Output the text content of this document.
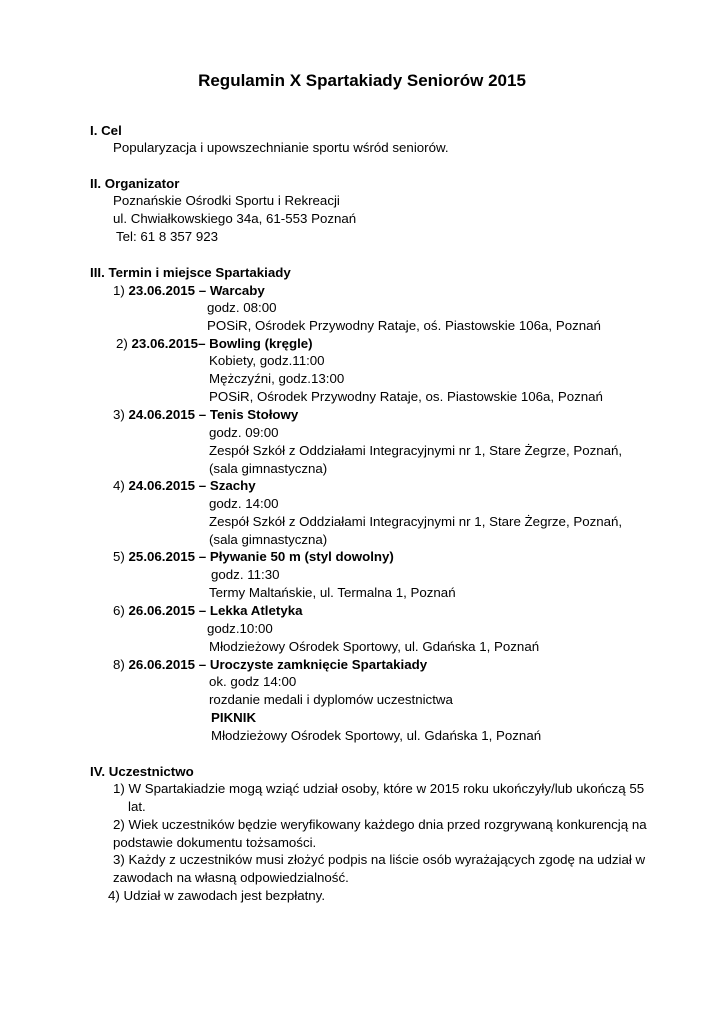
Regulamin X Spartakiady Seniorów 2015
I. Cel
Popularyzacja i upowszechnianie sportu wśród seniorów.
II. Organizator
Poznańskie Ośrodki Sportu i Rekreacji
ul. Chwiałkowskiego 34a, 61-553 Poznań
Tel: 61 8 357 923
III. Termin i miejsce Spartakiady
1) 23.06.2015 – Warcaby
godz. 08:00
POSiR, Ośrodek Przywodny Rataje, oś. Piastowskie 106a, Poznań
2) 23.06.2015– Bowling (kręgle)
Kobiety, godz.11:00
Mężczyźni, godz.13:00
POSiR, Ośrodek Przywodny Rataje, os. Piastowskie 106a, Poznań
3) 24.06.2015 – Tenis Stołowy
godz. 09:00
Zespół Szkół z Oddziałami Integracyjnymi nr 1, Stare Żegrze, Poznań,
(sala gimnastyczna)
4) 24.06.2015 – Szachy
godz. 14:00
Zespół Szkół z Oddziałami Integracyjnymi nr 1, Stare Żegrze, Poznań,
(sala gimnastyczna)
5) 25.06.2015 – Pływanie 50 m (styl dowolny)
godz. 11:30
Termy Maltańskie, ul. Termalna 1, Poznań
6) 26.06.2015 – Lekka Atletyka
godz.10:00
Młodzieżowy Ośrodek Sportowy, ul. Gdańska 1, Poznań
8) 26.06.2015 – Uroczyste zamknięcie Spartakiady
ok. godz 14:00
rozdanie medali i dyplomów uczestnictwa
PIKNIK
Młodzieżowy Ośrodek Sportowy, ul. Gdańska 1, Poznań
IV. Uczestnictwo
1) W Spartakiadzie mogą wziąć udział osoby, które w 2015 roku ukończyły/lub ukończą 55
lat.
2) Wiek uczestników będzie weryfikowany każdego dnia przed rozgrywaną konkurencją na
podstawie dokumentu tożsamości.
3) Każdy z uczestników musi złożyć podpis na liście osób wyrażających zgodę na udział w
zawodach na własną odpowiedzialność.
4) Udział w zawodach jest bezpłatny.
